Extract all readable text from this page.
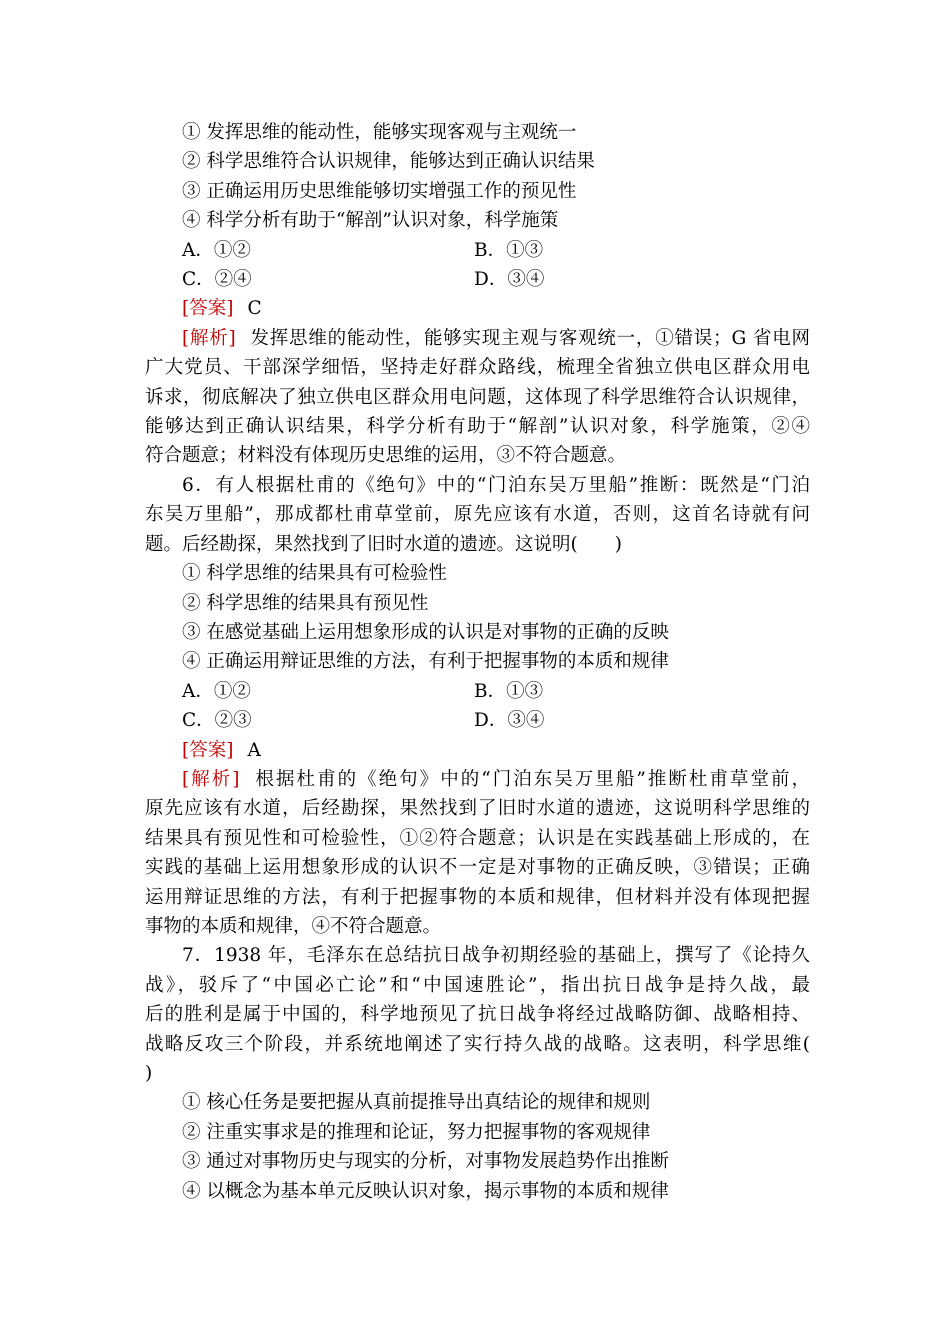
① 发挥思维的能动性，能够实现客观与主观统一
② 科学思维符合认识规律，能够达到正确认识结果
③ 正确运用历史思维能够切实增强工作的预见性
④ 科学分析有助于“解剖”认识对象，科学施策
A．①②	B．①③
C．②④	D．③④
[答案] C
[解析] 发挥思维的能动性，能够实现主观与客观统一，①错误；G 省电网
广大党员、干部深学细悟，坚持走好群众路线，梳理全省独立供电区群众用电
诉求，彻底解决了独立供电区群众用电问题，这体现了科学思维符合认识规律，
能够达到正确认识结果，科学分析有助于“解剖”认识对象，科学施策，②④
符合题意；材料没有体现历史思维的运用，③不符合题意。
6．有人根据杜甫的《绝句》中的“门泊东吴万里船”推断：既然是“门泊
东吴万里船”，那成都杜甫草堂前，原先应该有水道，否则，这首名诗就有问
题。后经勘探，果然找到了旧时水道的遗迹。这说明(　　)
① 科学思维的结果具有可检验性
② 科学思维的结果具有预见性
③ 在感觉基础上运用想象形成的认识是对事物的正确的反映
④ 正确运用辩证思维的方法，有利于把握事物的本质和规律
A．①②	B．①③
C．②③	D．③④
[答案] A
[解析] 根据杜甫的《绝句》中的“门泊东吴万里船”推断杜甫草堂前，
原先应该有水道，后经勘探，果然找到了旧时水道的遗迹，这说明科学思维的
结果具有预见性和可检验性，①②符合题意；认识是在实践基础上形成的，在
实践的基础上运用想象形成的认识不一定是对事物的正确反映，③错误；正确
运用辩证思维的方法，有利于把握事物的本质和规律，但材料并没有体现把握
事物的本质和规律，④不符合题意。
7．1938 年，毛泽东在总结抗日战争初期经验的基础上，撰写了《论持久
战》，驳斥了“中国必亡论”和“中国速胜论”，指出抗日战争是持久战，最
后的胜利是属于中国的，科学地预见了抗日战争将经过战略防御、战略相持、
战略反攻三个阶段，并系统地阐述了实行持久战的战略。这表明，科学思维(
)
① 核心任务是要把握从真前提推导出真结论的规律和规则
② 注重实事求是的推理和论证，努力把握事物的客观规律
③ 通过对事物历史与现实的分析，对事物发展趋势作出推断
④ 以概念为基本单元反映认识对象，揭示事物的本质和规律
